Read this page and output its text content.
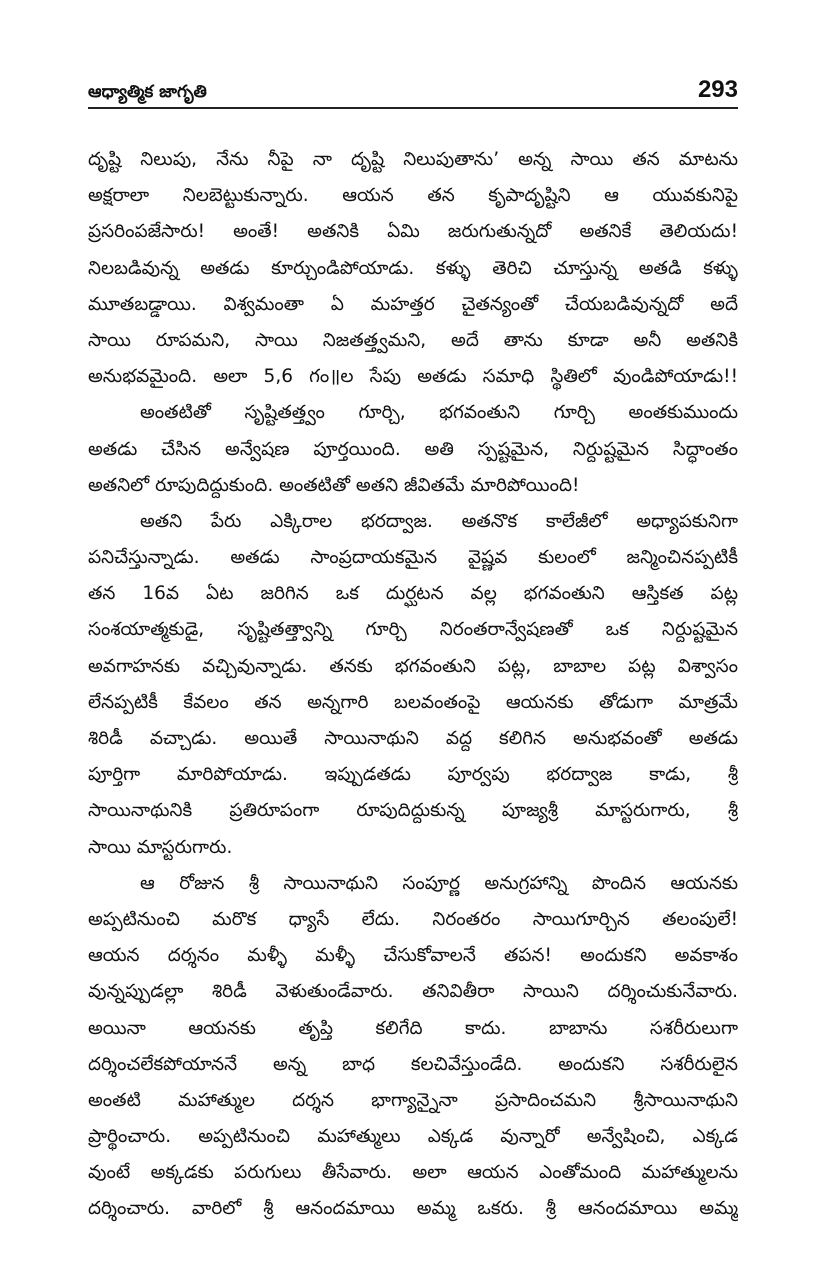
ఆధ్యాత్మిక జాగృతి	293
దృష్టి నిలుపు, నేను నీపై నా దృష్టి నిలుపుతాను’ అన్న సాయి తన మాటను
అక్షరాలా నిలబెట్టుకున్నారు. ఆయన తన కృపాదృష్టిని ఆ యువకునిపై
ప్రసరింపజేసారు! అంతే! అతనికి ఏమి జరుగుతున్నదో అతనికే తెలియదు!
నిలబడివున్న అతడు కూర్చుండిపోయాడు. కళ్ళు తెరిచి చూస్తున్న అతడి కళ్ళు
మూతబడ్డాయి. విశ్వమంతా ఏ మహత్తర చైతన్యంతో చేయబడివున్నదో అదే
సాయి రూపమని, సాయి నిజతత్త్వమని, అదే తాను కూడా అనీ అతనికి
అనుభవమైంది. అలా 5,6 గం॥ల సేపు అతడు సమాధి స్థితిలో వుండిపోయాడు!!
అంతటితో సృష్టితత్త్వం గూర్చి, భగవంతుని గూర్చి అంతకుముందు
అతడు చేసిన అన్వేషణ పూర్తయింది. అతి స్పష్టమైన, నిర్దుష్టమైన సిద్ధాంతం
అతనిలో రూపుదిద్దుకుంది. అంతటితో అతని జీవితమే మారిపోయింది!
అతని పేరు ఎక్కిరాల భరద్వాజ. అతనొక కాలేజీలో అధ్యాపకునిగా
పనిచేస్తున్నాడు. అతడు సాంప్రదాయకమైన వైష్ణవ కులంలో జన్మించినప్పటికీ
తన 16వ ఏట జరిగిన ఒక దుర్ఘటన వల్ల భగవంతుని ఆస్తికత పట్ల
సంశయాత్మకుడై, సృష్టితత్త్వాన్ని గూర్చి నిరంతరాన్వేషణతో ఒక నిర్దుష్టమైన
అవగాహనకు వచ్చివున్నాడు. తనకు భగవంతుని పట్ల, బాబాల పట్ల విశ్వాసం
లేనప్పటికీ కేవలం తన అన్నగారి బలవంతంపై ఆయనకు తోడుగా మాత్రమే
శిరిడీ వచ్చాడు. అయితే సాయినాథుని వద్ద కలిగిన అనుభవంతో అతడు
పూర్తిగా మారిపోయాడు. ఇప్పుడతడు పూర్వపు భరద్వాజ కాడు, శ్రీ
సాయినాథునికి ప్రతిరూపంగా రూపుదిద్దుకున్న పూజ్యశ్రీ మాస్టరుగారు, శ్రీ
సాయి మాస్టరుగారు.
ఆ రోజున శ్రీ సాయినాథుని సంపూర్ణ అనుగ్రహాన్ని పొందిన ఆయనకు
అప్పటినుంచి మరొక ధ్యాసే లేదు. నిరంతరం సాయిగూర్చిన తలంపులే!
ఆయన దర్శనం మళ్ళీ మళ్ళీ చేసుకోవాలనే తపన! అందుకని అవకాశం
వున్నప్పుడల్లా శిరిడీ వెళుతుండేవారు. తనివితీరా సాయిని దర్శించుకునేవారు.
అయినా ఆయనకు తృప్తి కలిగేది కాదు. బాబాను సశరీరులుగా
దర్శించలేకపోయాననే అన్న బాధ కలచివేస్తుండేది. అందుకని సశరీరులైన
అంతటి మహాత్ముల దర్శన భాగ్యాన్నైనా ప్రసాదించమని శ్రీసాయినాథుని
ప్రార్థించారు. అప్పటినుంచి మహాత్ములు ఎక్కడ వున్నారో అన్వేషించి, ఎక్కడ
వుంటే అక్కడకు పరుగులు తీసేవారు. అలా ఆయన ఎంతోమంది మహాత్ములను
దర్శించారు. వారిలో శ్రీ ఆనందమాయి అమ్మ ఒకరు. శ్రీ ఆనందమాయి అమ్మ
